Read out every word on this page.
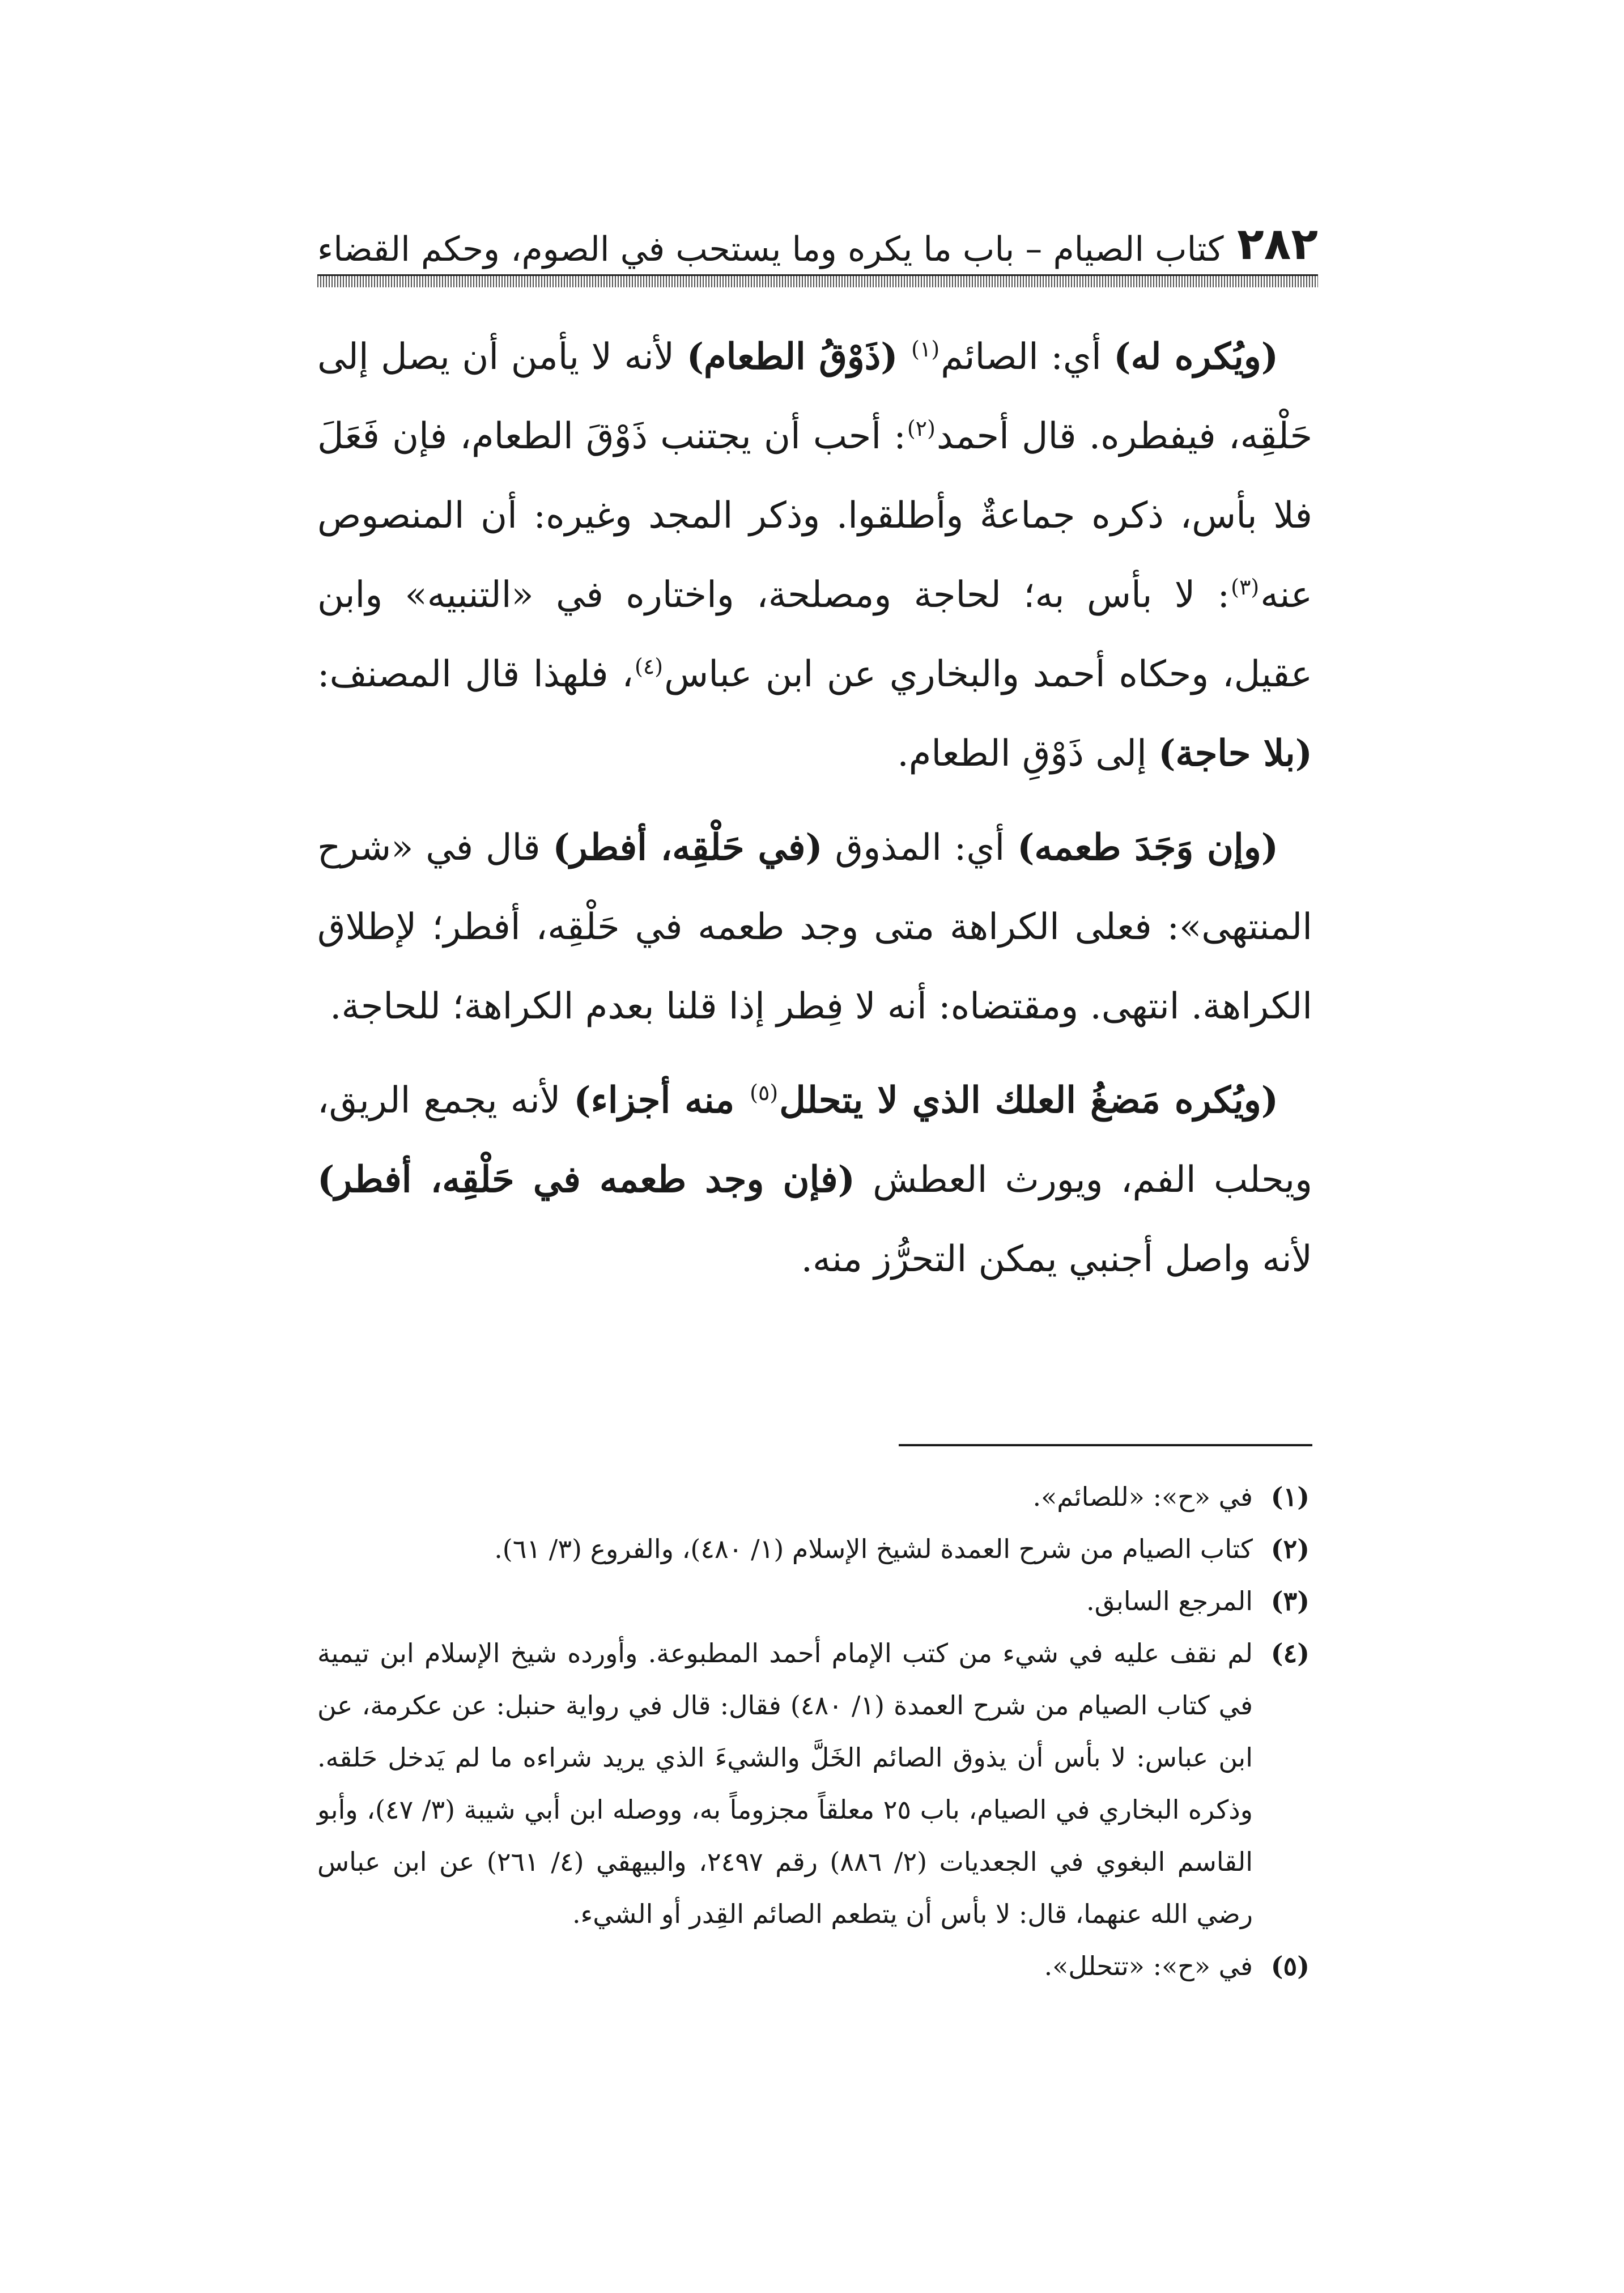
٢٨٢
كتاب الصيام – باب ما يكره وما يستحب في الصوم، وحكم القضاء

(ويُكره له) أي: الصائم$^{(١)}$ (ذَوْقُ الطعام) لأنه لا يأمن أن يصل إلى حَلْقِه، فيفطره. قال أحمد$^{(٢)}$: أحب أن يجتنب ذَوْقَ الطعام، فإن فَعَلَ فلا بأس، ذكره جماعةٌ وأطلقوا. وذكر المجد وغيره: أن المنصوص عنه$^{(٣)}$: لا بأس به؛ لحاجة ومصلحة، واختاره في «التنبيه» وابن عقيل، وحكاه أحمد والبخاري عن ابن عباس$^{(٤)}$، فلهذا قال المصنف: (بلا حاجة) إلى ذَوْقِ الطعام.

(وإن وَجَدَ طعمه) أي: المذوق (في حَلْقِه، أفطر) قال في «شرح المنتهى»: فعلى الكراهة متى وجد طعمه في حَلْقِه، أفطر؛ لإطلاق الكراهة. انتهى. ومقتضاه: أنه لا فِطر إذا قلنا بعدم الكراهة؛ للحاجة.

(ويُكره مَضغُ العلك الذي لا يتحلل$^{(٥)}$ منه أجزاء) لأنه يجمع الريق، ويحلب الفم، ويورث العطش (فإن وجد طعمه في حَلْقِه، أفطر) لأنه واصل أجنبي يمكن التحرُّز منه.

(١)
في «ح»: «للصائم».
(٢)
كتاب الصيام من شرح العمدة لشيخ الإسلام (١/ ٤٨٠)، والفروع (٣/ ٦١).
(٣)
المرجع السابق.
(٤)
لم نقف عليه في شيء من كتب الإمام أحمد المطبوعة. وأورده شيخ الإسلام ابن تيمية في كتاب الصيام من شرح العمدة (١/ ٤٨٠) فقال: قال في رواية حنبل: عن عكرمة، عن ابن عباس: لا بأس أن يذوق الصائم الخَلَّ والشيءَ الذي يريد شراءه ما لم يَدخل حَلقه. وذكره البخاري في الصيام، باب ٢٥ معلقاً مجزوماً به، ووصله ابن أبي شيبة (٣/ ٤٧)، وأبو القاسم البغوي في الجعديات (٢/ ٨٨٦) رقم ٢٤٩٧، والبيهقي (٤/ ٢٦١) عن ابن عباس رضي الله عنهما، قال: لا بأس أن يتطعم الصائم القِدر أو الشيء.
(٥)
في «ح»: «تتحلل».
